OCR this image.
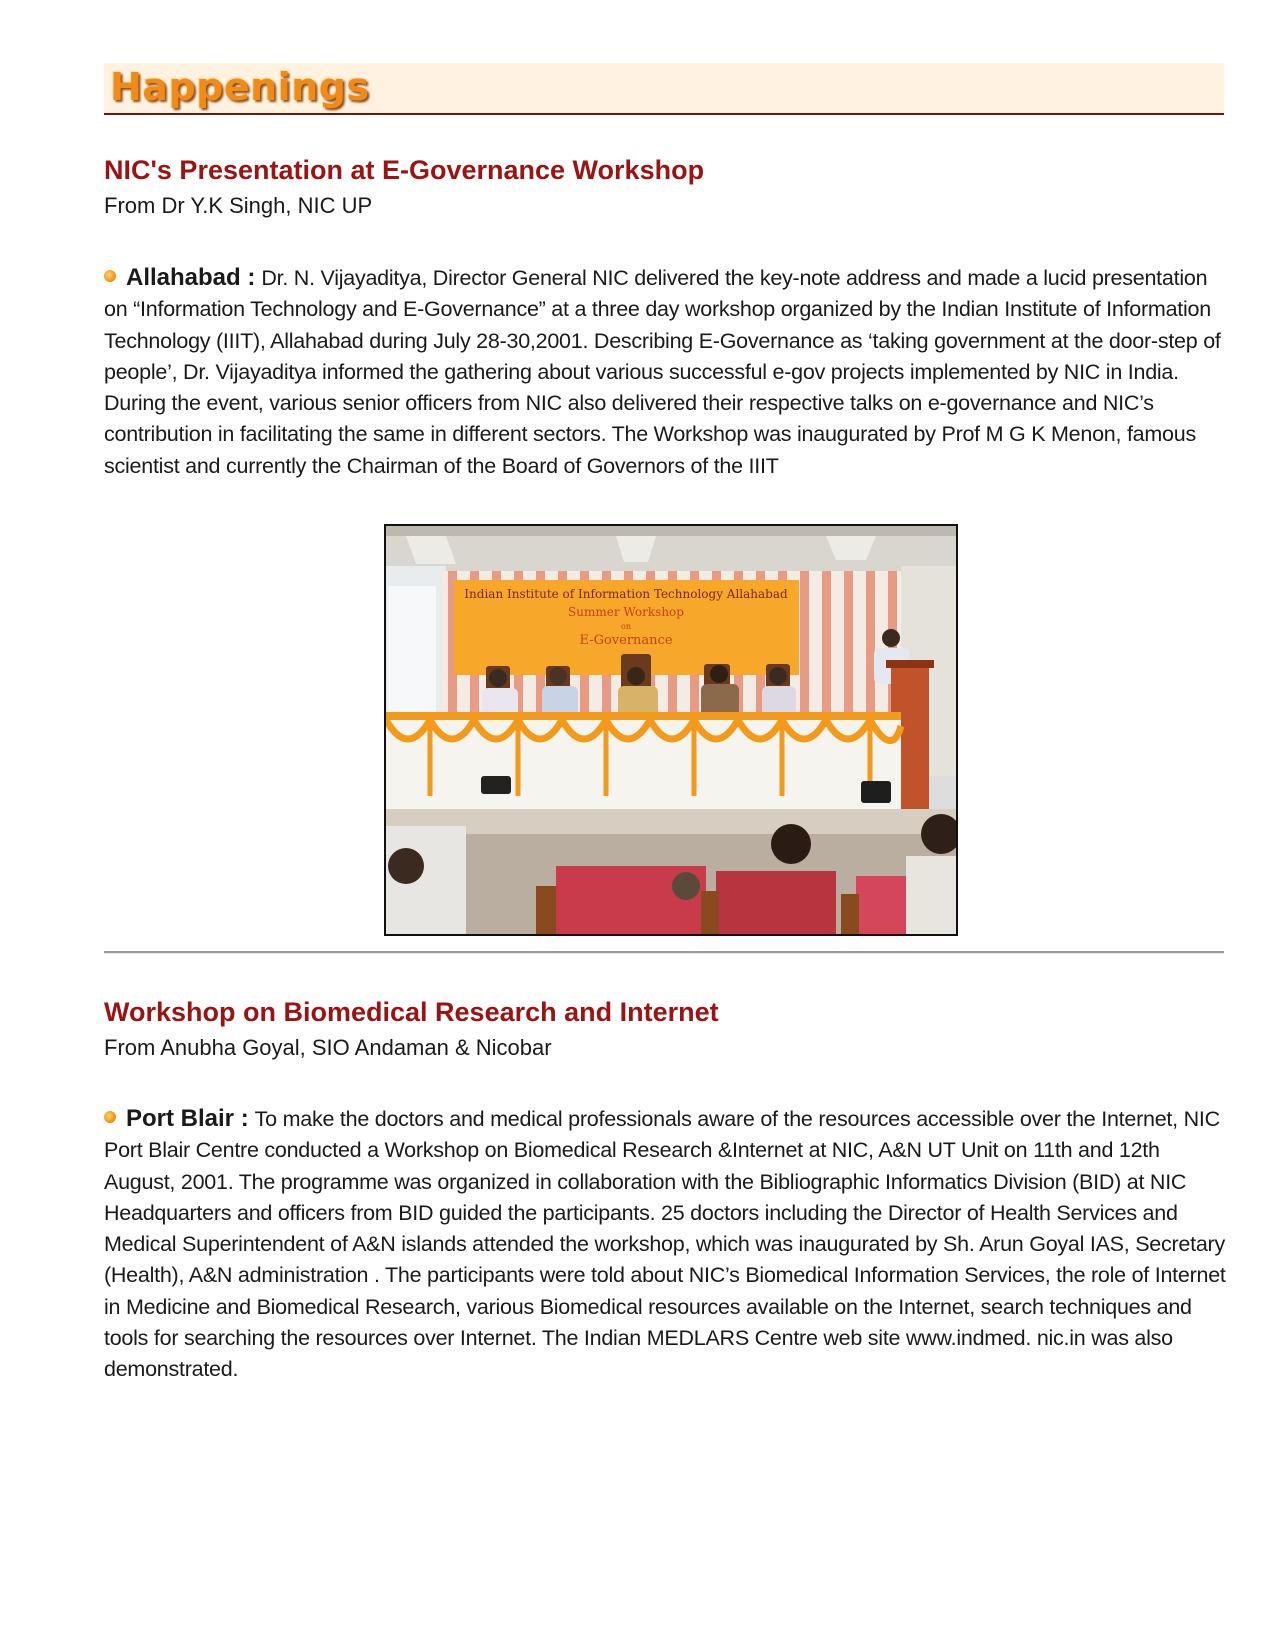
Happenings
NIC's Presentation at E-Governance Workshop
From Dr Y.K Singh, NIC UP
Allahabad : Dr. N. Vijayaditya, Director General NIC delivered the key-note address and made a lucid presentation on “Information Technology and E-Governance” at a three day workshop organized by the Indian Institute of Information Technology (IIIT), Allahabad during July 28-30,2001. Describing E-Governance as ‘taking government at the door-step of people’, Dr. Vijayaditya informed the gathering about various successful e-gov projects implemented by NIC in India. During the event, various senior officers from NIC also delivered their respective talks on e-governance and NIC’s contribution in facilitating the same in different sectors. The Workshop was inaugurated by Prof M G K Menon, famous scientist and currently the Chairman of the Board of Governors of the IIIT
Indian Institute of Information Technology Allahabad
Summer Workshop
on
E-Governance
Workshop on Biomedical Research and Internet
From Anubha Goyal, SIO Andaman & Nicobar
Port Blair : To make the doctors and medical professionals aware of the resources accessible over the Internet, NIC Port Blair Centre conducted a Workshop on Biomedical Research &Internet at NIC, A&N UT Unit on 11th and 12th August, 2001. The programme was organized in collaboration with the Bibliographic Informatics Division (BID) at NIC Headquarters and officers from BID guided the participants. 25 doctors including the Director of Health Services and Medical Superintendent of A&N islands attended the workshop, which was inaugurated by Sh. Arun Goyal IAS, Secretary (Health), A&N administration . The participants were told about NIC’s Biomedical Information Services, the role of Internet in Medicine and Biomedical Research, various Biomedical resources available on the Internet, search techniques and tools for searching the resources over Internet. The Indian MEDLARS Centre web site www.indmed. nic.in was also demonstrated.
